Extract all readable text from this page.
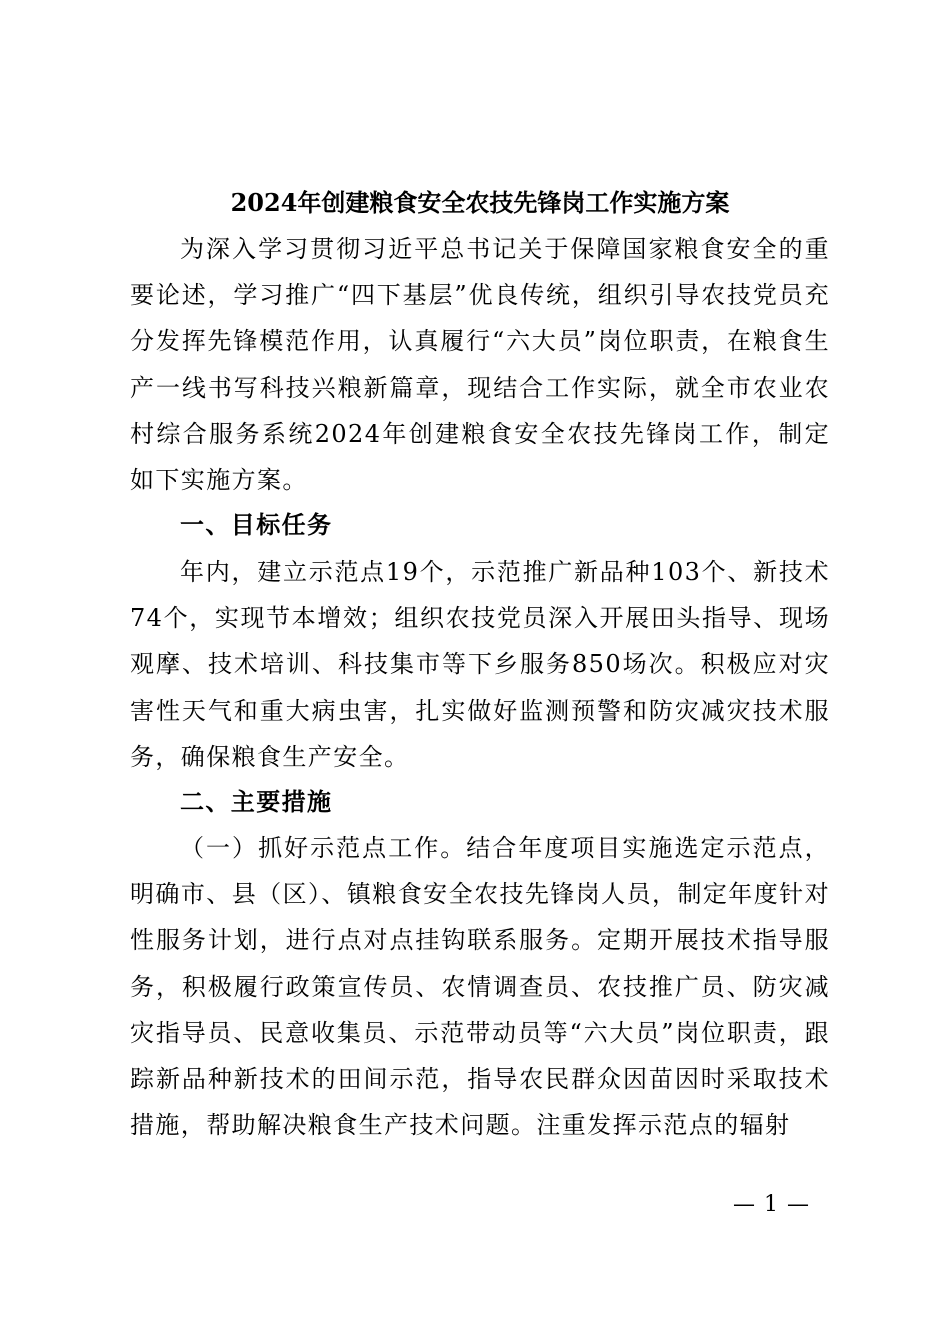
2024年创建粮食安全农技先锋岗工作实施方案
为深入学习贯彻习近平总书记关于保障国家粮食安全的重要论述，学习推广“四下基层”优良传统，组织引导农技党员充分发挥先锋模范作用，认真履行“六大员”岗位职责，在粮食生产一线书写科技兴粮新篇章，现结合工作实际，就全市农业农村综合服务系统2024年创建粮食安全农技先锋岗工作，制定如下实施方案。
一、目标任务
年内，建立示范点19个，示范推广新品种103个、新技术74个，实现节本增效；组织农技党员深入开展田头指导、现场观摩、技术培训、科技集市等下乡服务850场次。积极应对灾害性天气和重大病虫害，扎实做好监测预警和防灾减灾技术服务，确保粮食生产安全。
二、主要措施
（一）抓好示范点工作。结合年度项目实施选定示范点，明确市、县（区）、镇粮食安全农技先锋岗人员，制定年度针对性服务计划，进行点对点挂钩联系服务。定期开展技术指导服务，积极履行政策宣传员、农情调查员、农技推广员、防灾减灾指导员、民意收集员、示范带动员等“六大员”岗位职责，跟踪新品种新技术的田间示范，指导农民群众因苗因时采取技术措施，帮助解决粮食生产技术问题。注重发挥示范点的辐射
— 1 —
